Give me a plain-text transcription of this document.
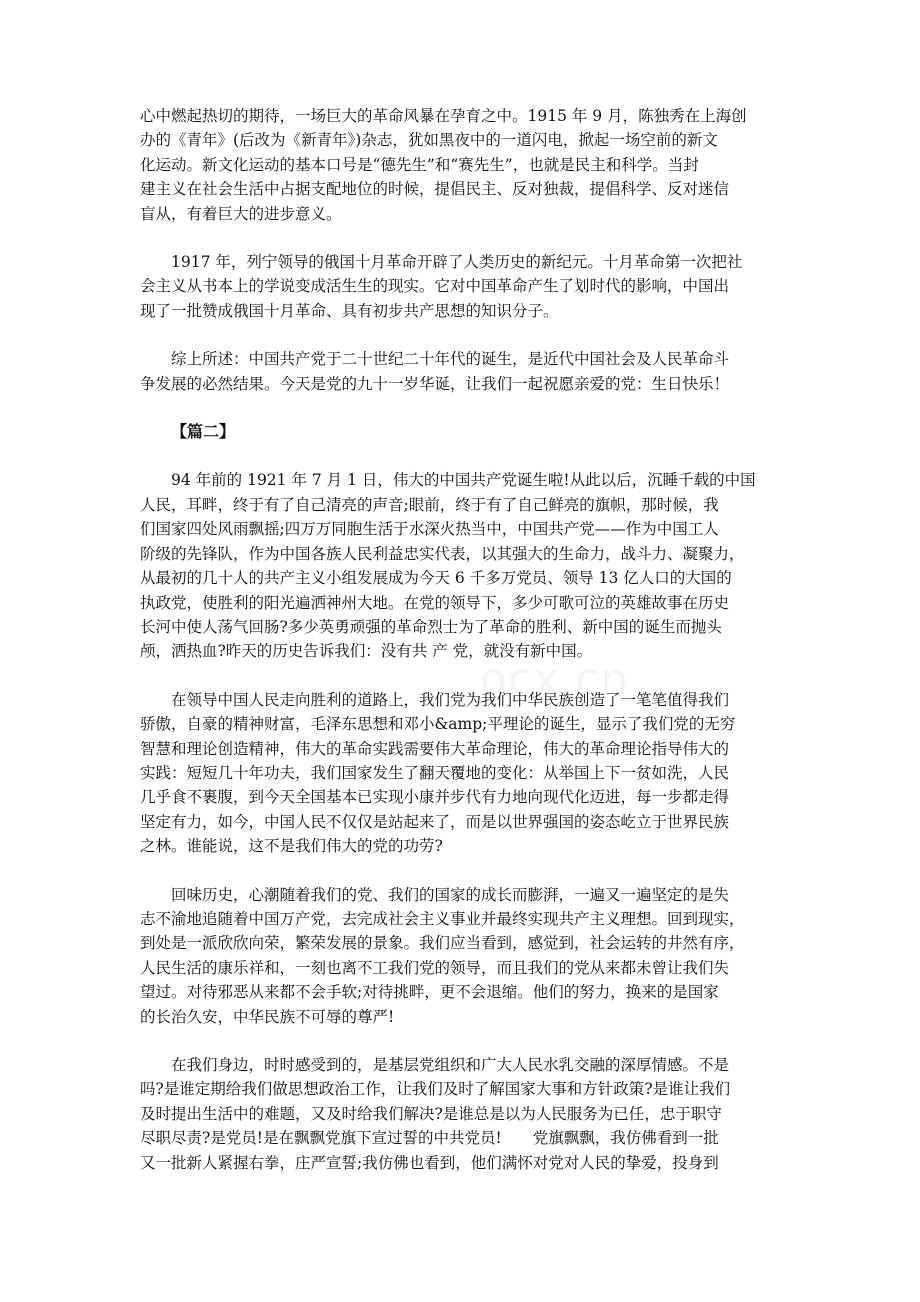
心中燃起热切的期待，一场巨大的革命风暴在孕育之中。1915 年 9 月，陈独秀在上海创
办的《青年》(后改为《新青年》)杂志，犹如黑夜中的一道闪电，掀起一场空前的新文
化运动。新文化运动的基本口号是“德先生”和“赛先生”，也就是民主和科学。当封
建主义在社会生活中占据支配地位的时候，提倡民主、反对独裁，提倡科学、反对迷信
盲从，有着巨大的进步意义。

1917 年，列宁领导的俄国十月革命开辟了人类历史的新纪元。十月革命第一次把社
会主义从书本上的学说变成活生生的现实。它对中国革命产生了划时代的影响，中国出
现了一批赞成俄国十月革命、具有初步共产思想的知识分子。

综上所述：中国共产党于二十世纪二十年代的诞生，是近代中国社会及人民革命斗
争发展的必然结果。今天是党的九十一岁华诞，让我们一起祝愿亲爱的党：生日快乐！

【篇二】

94 年前的 1921 年 7 月 1 日，伟大的中国共产党诞生啦!从此以后，沉睡千载的中国
人民，耳畔，终于有了自己清亮的声音;眼前，终于有了自己鲜亮的旗帜，那时候，我
们国家四处风雨飘摇;四万万同胞生活于水深火热当中，中国共产党——作为中国工人
阶级的先锋队，作为中国各族人民利益忠实代表，以其强大的生命力，战斗力、凝聚力，
从最初的几十人的共产主义小组发展成为今天 6 千多万党员、领导 13 亿人口的大国的
执政党，使胜利的阳光遍洒神州大地。在党的领导下，多少可歌可泣的英雄故事在历史
长河中使人荡气回肠?多少英勇顽强的革命烈士为了革命的胜利、新中国的诞生而抛头
颅，洒热血?昨天的历史告诉我们：没有共 产 党，就没有新中国。

在领导中国人民走向胜利的道路上，我们党为我们中华民族创造了一笔笔值得我们
骄傲，自豪的精神财富，毛泽东思想和邓小&amp;平理论的诞生，显示了我们党的无穷
智慧和理论创造精神，伟大的革命实践需要伟大革命理论，伟大的革命理论指导伟大的
实践：短短几十年功夫，我们国家发生了翻天覆地的变化：从举国上下一贫如洗，人民
几乎食不裹腹，到今天全国基本已实现小康并步代有力地向现代化迈进，每一步都走得
坚定有力，如今，中国人民不仅仅是站起来了，而是以世界强国的姿态屹立于世界民族
之林。谁能说，这不是我们伟大的党的功劳?

回味历史，心潮随着我们的党、我们的国家的成长而膨湃，一遍又一遍坚定的是失
志不渝地追随着中国万产党，去完成社会主义事业并最终实现共产主义理想。回到现实，
到处是一派欣欣向荣，繁荣发展的景象。我们应当看到，感觉到，社会运转的井然有序，
人民生活的康乐祥和，一刻也离不工我们党的领导，而且我们的党从来都未曾让我们失
望过。对待邪恶从来都不会手软;对待挑畔，更不会退缩。他们的努力，换来的是国家
的长治久安，中华民族不可辱的尊严!

在我们身边，时时感受到的，是基层党组织和广大人民水乳交融的深厚情感。不是
吗?是谁定期给我们做思想政治工作，让我们及时了解国家大事和方针政策?是谁让我们
及时提出生活中的难题，又及时给我们解决?是谁总是以为人民服务为已任，忠于职守
尽职尽责?是党员!是在飘飘党旗下宣过誓的中共党员!　　党旗飘飘，我仿佛看到一批
又一批新人紧握右拳，庄严宣誓;我仿佛也看到，他们满怀对党对人民的挚爱，投身到

ocx.cn
